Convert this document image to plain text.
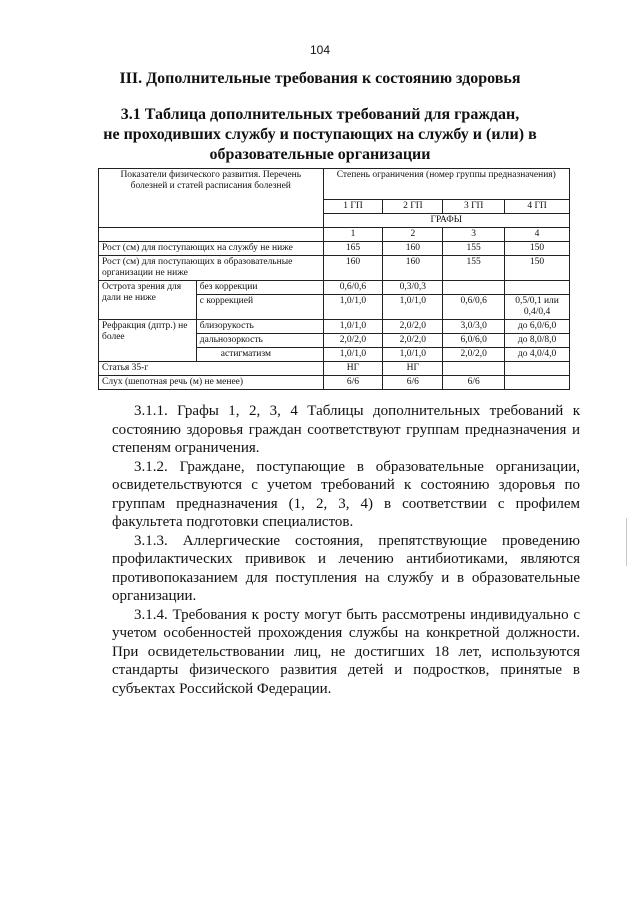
104
III. Дополнительные требования к состоянию здоровья
3.1 Таблица дополнительных требований для граждан,
не проходивших службу и поступающих на службу и (или) в
образовательные организации
Показатели физического развития. Перечень болезней и статей расписания болезней		Степень ограничения (номер группы предназначения)			
		1 ГП	2 ГП	3 ГП	4 ГП
		ГРАФЫ			
		1	2	3	4
Рост (см) для поступающих на службу не ниже		165	160	155	150
Рост (см) для поступающих в образовательные организации не ниже		160	160	155	150
Острота зрения для дали не ниже	без коррекции	0,6/0,6	0,3/0,3		
	с коррекцией	1,0/1,0	1,0/1,0	0,6/0,6	0,5/0,1 или 0,4/0,4
Рефракция (дптр.) не более	близорукость	1,0/1,0	2,0/2,0	3,0/3,0	до 6,0/6,0
	дальнозоркость	2,0/2,0	2,0/2,0	6,0/6,0	до 8,0/8,0
	астигматизм	1,0/1,0	1,0/1,0	2,0/2,0	до 4,0/4,0
Статья 35-г		НГ	НГ		
Слух (шепотная речь (м) не менее)		6/6	6/6	6/6	

3.1.1. Графы 1, 2, 3, 4 Таблицы дополнительных требований к состоянию здоровья граждан соответствуют группам предназначения и степеням ограничения.

3.1.2. Граждане, поступающие в образовательные организации, освидетельствуются с учетом требований к состоянию здоровья по группам предназначения (1, 2, 3, 4) в соответствии с профилем факультета подготовки специалистов.

3.1.3. Аллергические состояния, препятствующие проведению профилактических прививок и лечению антибиотиками, являются противопоказанием для поступления на службу и в образовательные организации.

3.1.4. Требования к росту могут быть рассмотрены индивидуально с учетом особенностей прохождения службы на конкретной должности. При освидетельствовании лиц, не достигших 18 лет, используются стандарты физического развития детей и подростков, принятые в субъектах Российской Федерации.
